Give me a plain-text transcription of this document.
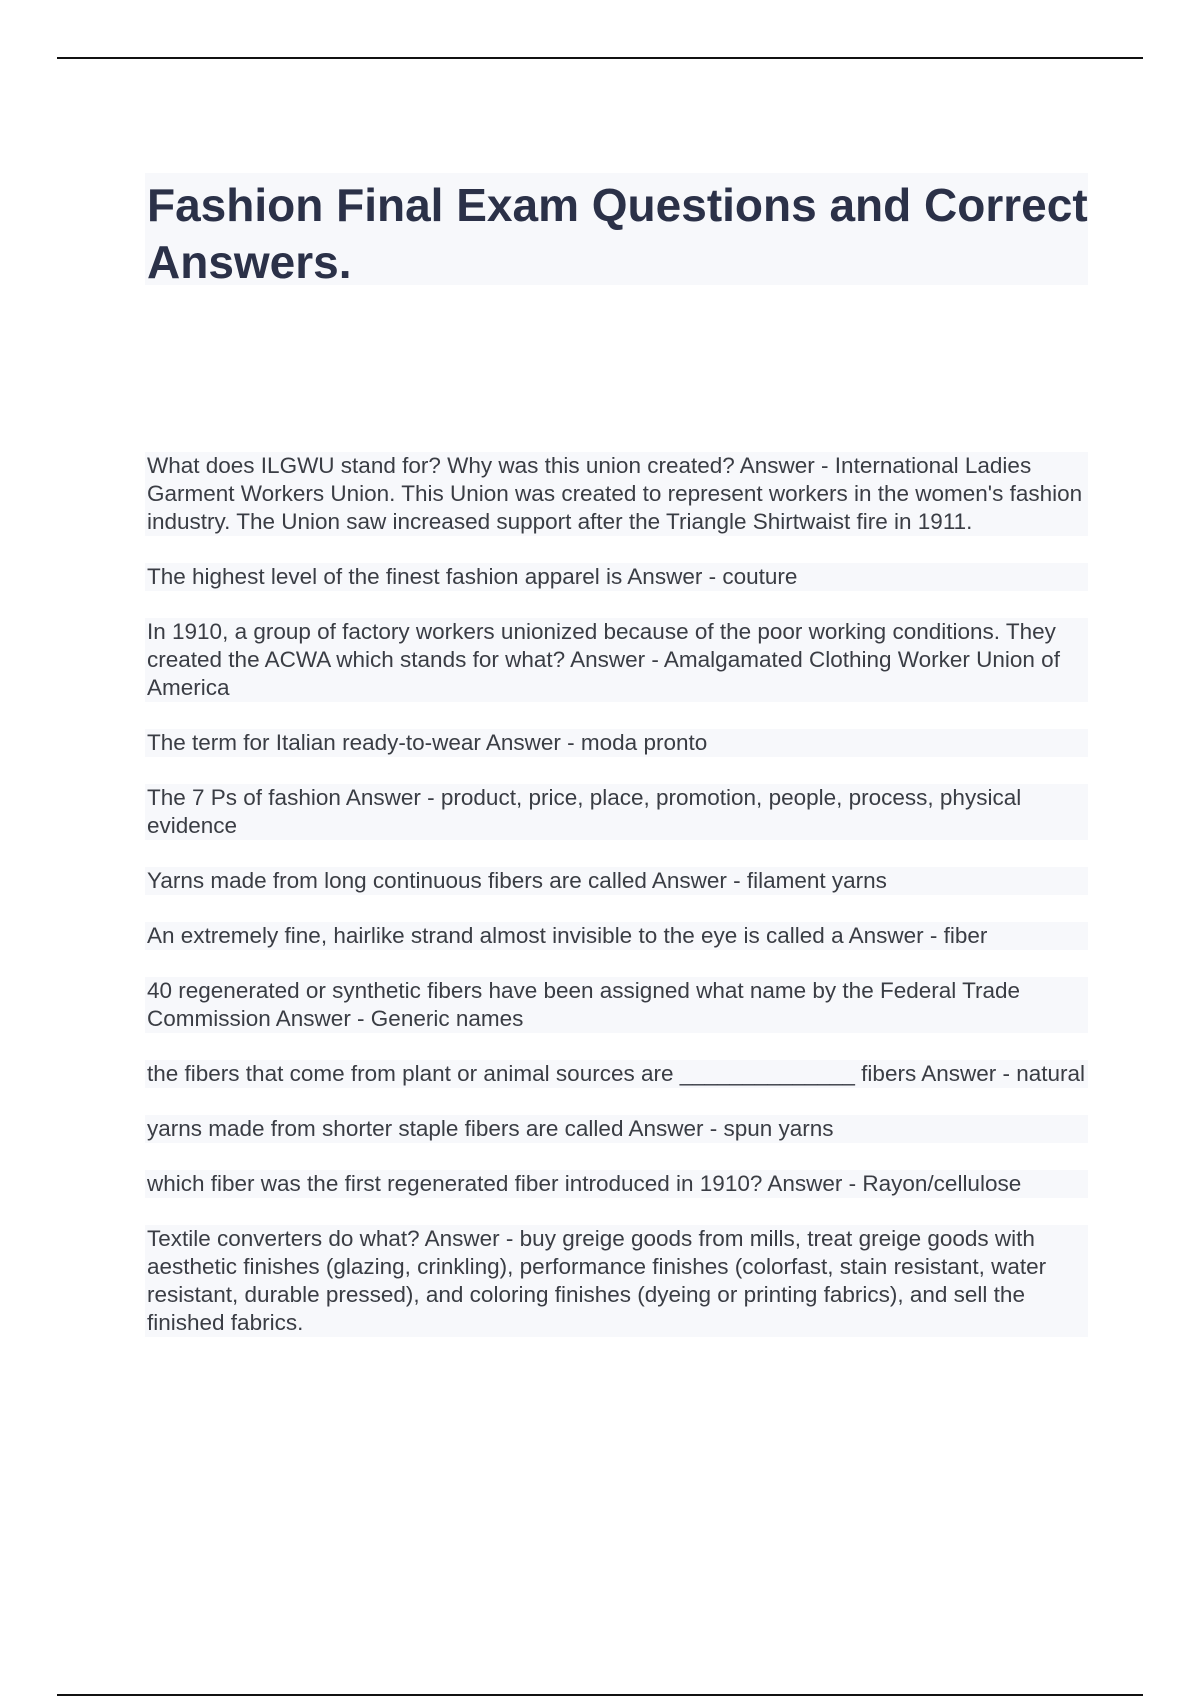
Fashion Final Exam Questions and Correct Answers.

What does ILGWU stand for? Why was this union created? Answer - International Ladies Garment Workers Union. This Union was created to represent workers in the women's fashion industry. The Union saw increased support after the Triangle Shirtwaist fire in 1911.

The highest level of the finest fashion apparel is Answer - couture

In 1910, a group of factory workers unionized because of the poor working conditions. They created the ACWA which stands for what? Answer - Amalgamated Clothing Worker Union of America

The term for Italian ready-to-wear Answer - moda pronto

The 7 Ps of fashion Answer - product, price, place, promotion, people, process, physical evidence

Yarns made from long continuous fibers are called Answer - filament yarns

An extremely fine, hairlike strand almost invisible to the eye is called a Answer - fiber

40 regenerated or synthetic fibers have been assigned what name by the Federal Trade Commission Answer - Generic names

the fibers that come from plant or animal sources are ______________ fibers Answer - natural

yarns made from shorter staple fibers are called Answer - spun yarns

which fiber was the first regenerated fiber introduced in 1910? Answer - Rayon/cellulose

Textile converters do what? Answer - buy greige goods from mills, treat greige goods with aesthetic finishes (glazing, crinkling), performance finishes (colorfast, stain resistant, water resistant, durable pressed), and coloring finishes (dyeing or printing fabrics), and sell the finished fabrics.
